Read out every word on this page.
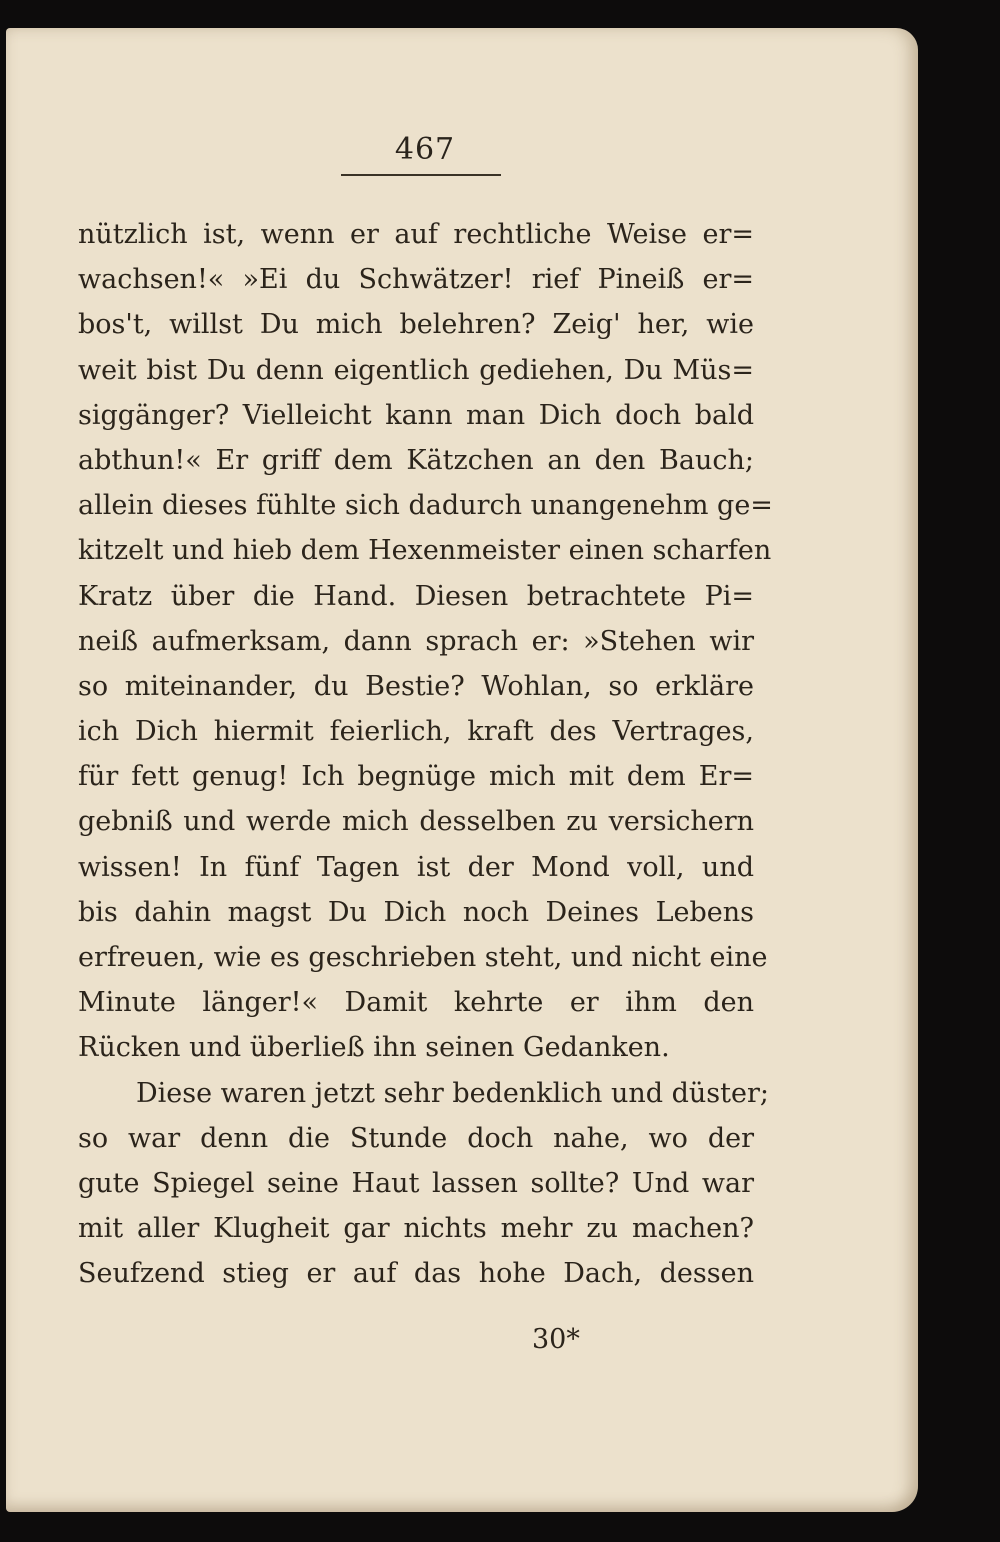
467
nützlich ist, wenn er auf rechtliche Weise er=
wachsen!« »Ei du Schwätzer! rief Pineiß er=
bos't, willst Du mich belehren? Zeig' her, wie
weit bist Du denn eigentlich gediehen, Du Müs=
siggänger? Vielleicht kann man Dich doch bald
abthun!« Er griff dem Kätzchen an den Bauch;
allein dieses fühlte sich dadurch unangenehm ge=
kitzelt und hieb dem Hexenmeister einen scharfen
Kratz über die Hand. Diesen betrachtete Pi=
neiß aufmerksam, dann sprach er: »Stehen wir
so miteinander, du Bestie? Wohlan, so erkläre
ich Dich hiermit feierlich, kraft des Vertrages,
für fett genug! Ich begnüge mich mit dem Er=
gebniß und werde mich desselben zu versichern
wissen! In fünf Tagen ist der Mond voll, und
bis dahin magst Du Dich noch Deines Lebens
erfreuen, wie es geschrieben steht, und nicht eine
Minute länger!« Damit kehrte er ihm den
Rücken und überließ ihn seinen Gedanken.
Diese waren jetzt sehr bedenklich und düster;
so war denn die Stunde doch nahe, wo der
gute Spiegel seine Haut lassen sollte? Und war
mit aller Klugheit gar nichts mehr zu machen?
Seufzend stieg er auf das hohe Dach, dessen
30*
